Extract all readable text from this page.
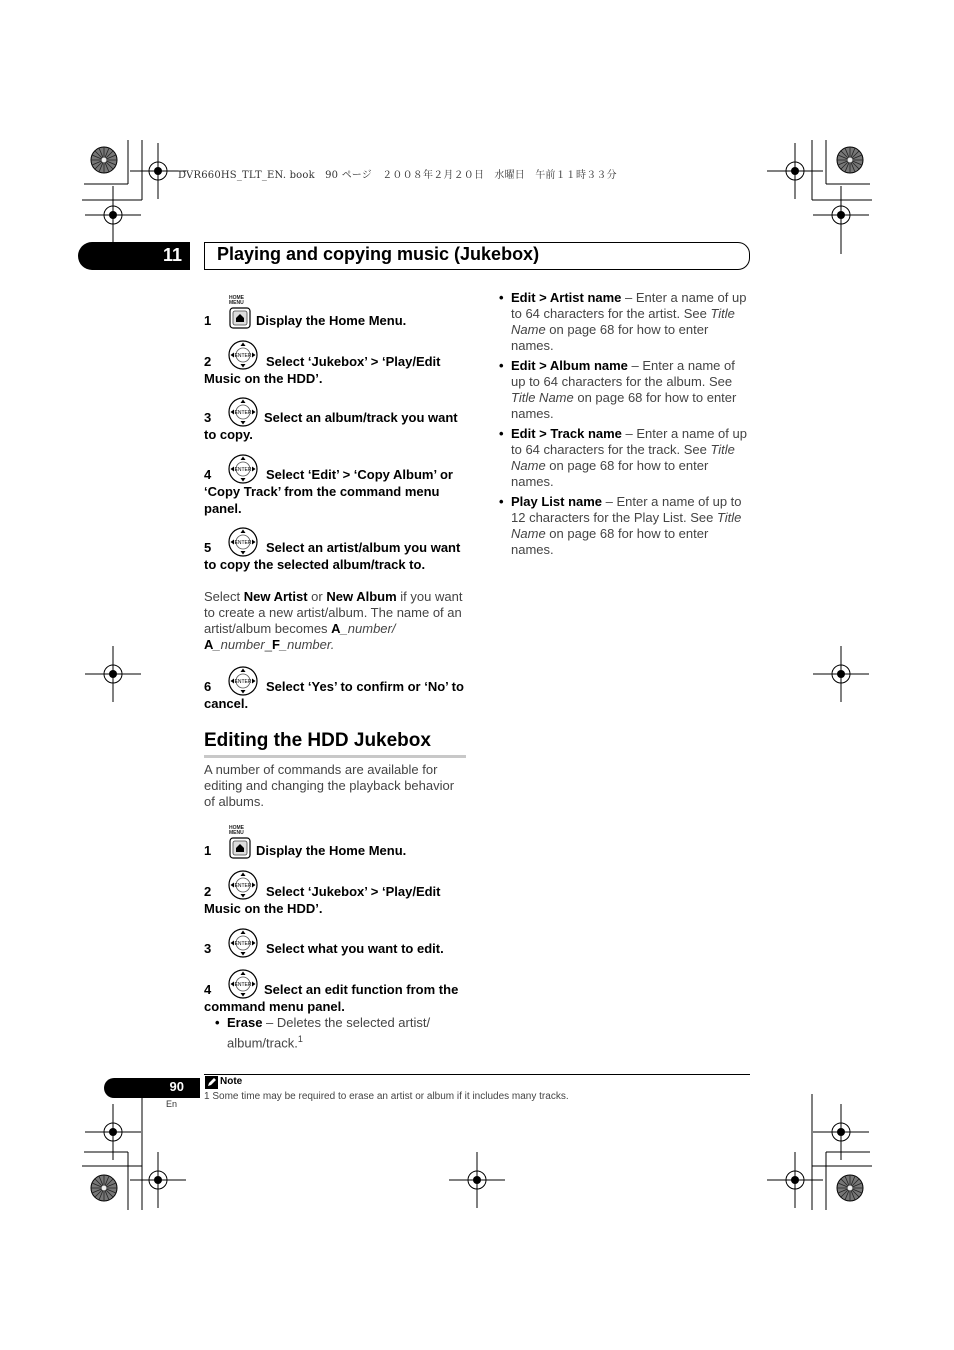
DVR660HS_TLT_EN. book　90 ページ　２００８年２月２０日　水曜日　午前１１時３３分
11 Playing and copying music (Jukebox)
HOME
MENU
1	Display the Home Menu.
2	Select ‘Jukebox’ > ‘Play/Edit Music on the HDD’.
3	Select an album/track you want to copy.
4	Select ‘Edit’ > ‘Copy Album’ or ‘Copy Track’ from the command menu panel.
5	Select an artist/album you want to copy the selected album/track to.
Select New Artist or New Album if you want to create a new artist/album. The name of an artist/album becomes A_number/
A_number_F_number.
6	Select ‘Yes’ to confirm or ‘No’ to cancel.
Editing the HDD Jukebox
A number of commands are available for editing and changing the playback behavior of albums.
HOME
MENU
1	Display the Home Menu.
2	Select ‘Jukebox’ > ‘Play/Edit Music on the HDD’.
3	Select what you want to edit.
4	Select an edit function from the command menu panel.
• Erase – Deletes the selected artist/ album/track.$^1$
• Edit > Artist name – Enter a name of up to 64 characters for the artist. See Title Name on page 68 for how to enter names.
• Edit > Album name – Enter a name of up to 64 characters for the album. See Title Name on page 68 for how to enter names.
• Edit > Track name – Enter a name of up to 64 characters for the track. See Title Name on page 68 for how to enter names.
• Play List name – Enter a name of up to 12 characters for the Play List. See Title Name on page 68 for how to enter names.
Note
1 Some time may be required to erase an artist or album if it includes many tracks.
90
En
